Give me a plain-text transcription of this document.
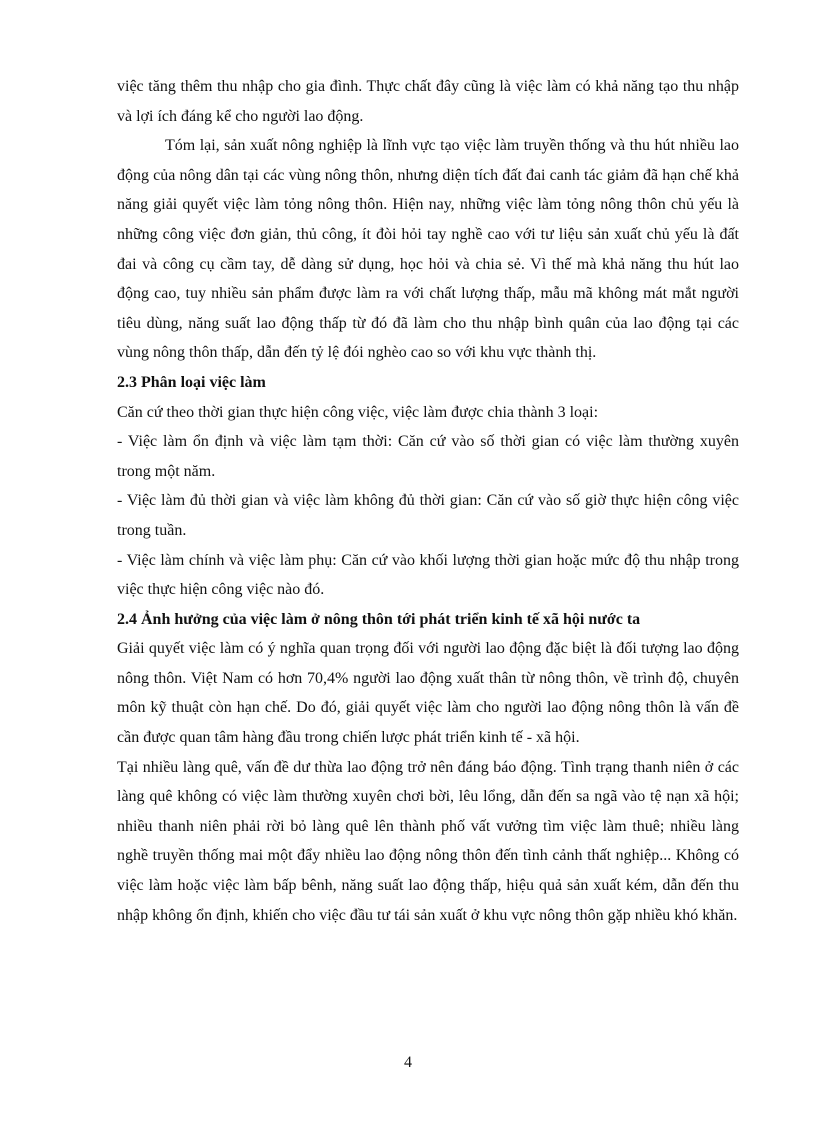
việc tăng thêm thu nhập cho gia đình. Thực chất đây cũng là việc làm có khả năng tạo thu nhập và lợi ích đáng kể cho người lao động.

Tóm lại, sản xuất nông nghiệp là lĩnh vực tạo việc làm truyền thống và thu hút nhiều lao động của nông dân tại các vùng nông thôn, nhưng diện tích đất đai canh tác giảm đã hạn chế khả năng giải quyết việc làm tỏng nông thôn. Hiện nay, những việc làm tỏng nông thôn chủ yếu là những công việc đơn giản, thủ công, ít đòi hỏi tay nghề cao với tư liệu sản xuất chủ yếu là đất đai và công cụ cầm tay, dễ dàng sử dụng, học hỏi và chia sẻ. Vì thế mà khả năng thu hút lao động cao, tuy nhiều sản phẩm được làm ra với chất lượng thấp, mẫu mã không mát mắt người tiêu dùng, năng suất lao động thấp từ đó đã làm cho thu nhập bình quân của lao động tại các vùng nông thôn thấp, dẫn đến tỷ lệ đói nghèo cao so với khu vực thành thị.

2.3 Phân loại việc làm

Căn cứ theo thời gian thực hiện công việc, việc làm được chia thành 3 loại:

- Việc làm ổn định và việc làm tạm thời: Căn cứ vào số thời gian có việc làm thường xuyên trong một năm.

- Việc làm đủ thời gian và việc làm không đủ thời gian: Căn cứ vào số giờ thực hiện công việc trong tuần.

- Việc làm chính và việc làm phụ: Căn cứ vào khối lượng thời gian hoặc mức độ thu nhập trong việc thực hiện công việc nào đó.

2.4 Ảnh hưởng của việc làm ở nông thôn tới phát triển kinh tế xã hội nước ta

Giải quyết việc làm có ý nghĩa quan trọng đối với người lao động đặc biệt là đối tượng lao động nông thôn. Việt Nam có hơn 70,4% người lao động xuất thân từ nông thôn, về trình độ, chuyên môn kỹ thuật còn hạn chế. Do đó, giải quyết việc làm cho người lao động nông thôn là vấn đề cần được quan tâm hàng đầu trong chiến lược phát triển kinh tế - xã hội.

Tại nhiều làng quê, vấn đề dư thừa lao động trở nên đáng báo động. Tình trạng thanh niên ở các làng quê không có việc làm thường xuyên chơi bời, lêu lổng, dẫn đến sa ngã vào tệ nạn xã hội; nhiều thanh niên phải rời bỏ làng quê lên thành phố vất vưởng tìm việc làm thuê; nhiều làng nghề truyền thống mai một đẩy nhiều lao động nông thôn đến tình cảnh thất nghiệp... Không có việc làm hoặc việc làm bấp bênh, năng suất lao động thấp, hiệu quả sản xuất kém, dẫn đến thu nhập không ổn định, khiến cho việc đầu tư tái sản xuất ở khu vực nông thôn gặp nhiều khó khăn.

4
